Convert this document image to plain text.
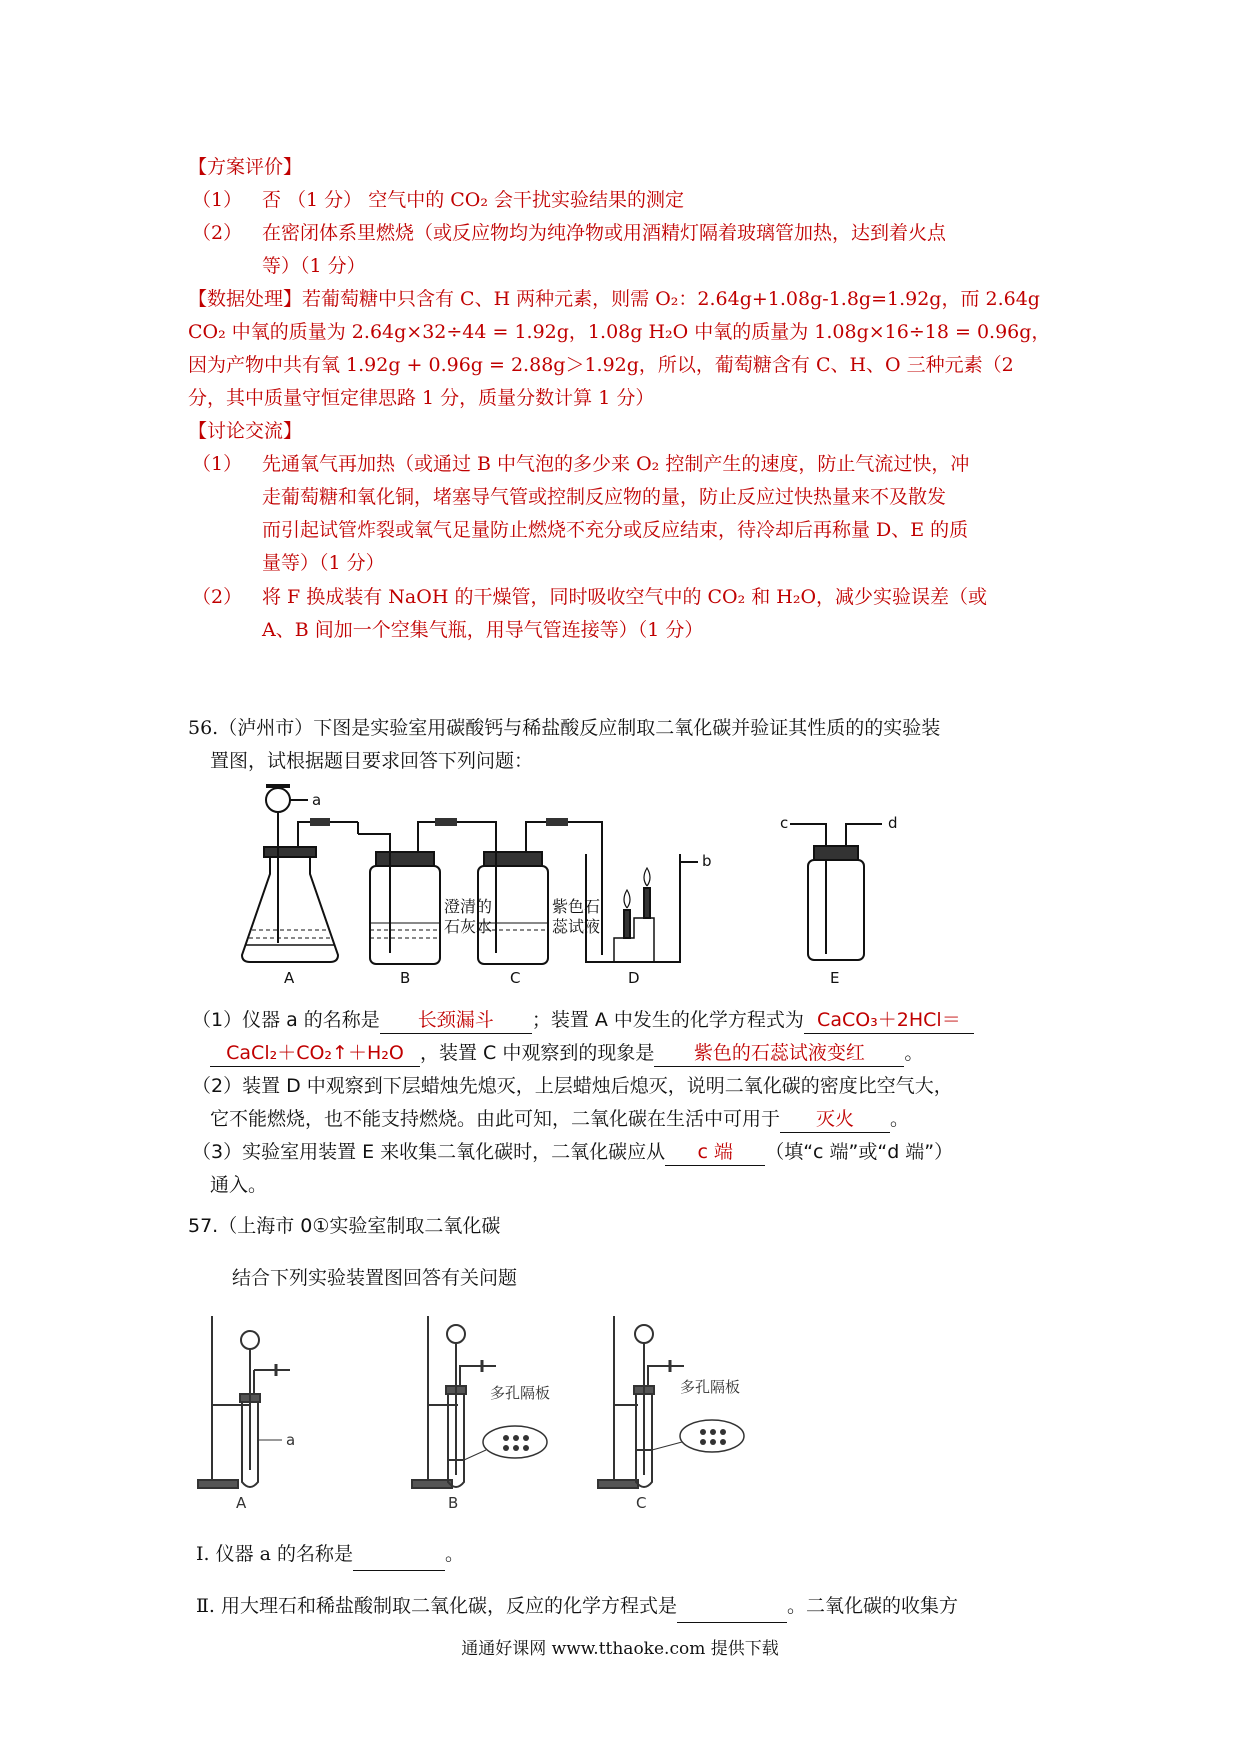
【方案评价】
（1） 否 （1 分） 空气中的 CO₂ 会干扰实验结果的测定
（2） 在密闭体系里燃烧（或反应物均为纯净物或用酒精灯隔着玻璃管加热，达到着火点
等）（1 分）
【数据处理】若葡萄糖中只含有 C、H 两种元素，则需 O₂：2.64g+1.08g-1.8g=1.92g，而 2.64g
CO₂ 中氧的质量为 2.64g×32÷44 = 1.92g，1.08g H₂O 中氧的质量为 1.08g×16÷18 = 0.96g，
因为产物中共有氧 1.92g + 0.96g = 2.88g＞1.92g，所以，葡萄糖含有 C、H、O 三种元素（2
分，其中质量守恒定律思路 1 分，质量分数计算 1 分）
【讨论交流】
（1） 先通氧气再加热（或通过 B 中气泡的多少来 O₂ 控制产生的速度，防止气流过快，冲
走葡萄糖和氧化铜，堵塞导气管或控制反应物的量，防止反应过快热量来不及散发
而引起试管炸裂或氧气足量防止燃烧不充分或反应结束，待冷却后再称量 D、E 的质
量等）（1 分）
（2） 将 F 换成装有 NaOH 的干燥管，同时吸收空气中的 CO₂ 和 H₂O，减少实验误差（或
A、B 间加一个空集气瓶，用导气管连接等）（1 分）
56.（泸州市）下图是实验室用碳酸钙与稀盐酸反应制取二氧化碳并验证其性质的的实验装
置图，试根据题目要求回答下列问题：
a
b
c	d
澄清的
石灰水
紫色石
蕊试液
A	B	C	D	E
（1）仪器 a 的名称是 长颈漏斗 ；装置 A 中发生的化学方程式为 CaCO₃＋2HCl＝
CaCl₂＋CO₂↑＋H₂O ，装置 C 中观察到的现象是 紫色的石蕊试液变红 。
（2）装置 D 中观察到下层蜡烛先熄灭，上层蜡烛后熄灭，说明二氧化碳的密度比空气大，
它不能燃烧，也不能支持燃烧。由此可知，二氧化碳在生活中可用于 灭火 。
（3）实验室用装置 E 来收集二氧化碳时，二氧化碳应从 c 端 （填“c 端”或“d 端”）
通入。
57.（上海市 0①实验室制取二氧化碳
结合下列实验装置图回答有关问题
a
多孔隔板	多孔隔板
A	B	C
Ⅰ. 仪器 a 的名称是	。
Ⅱ. 用大理石和稀盐酸制取二氧化碳，反应的化学方程式是	。二氧化碳的收集方
通通好课网 www.tthaoke.com 提供下载
